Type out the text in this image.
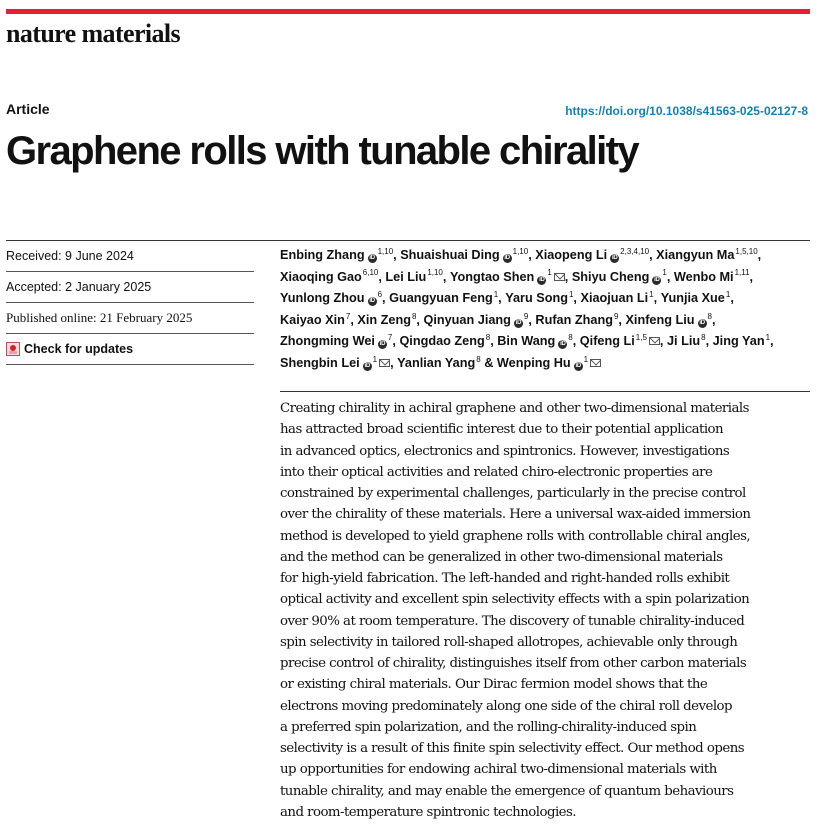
nature materials
Article	https://doi.org/10.1038/s41563-025-02127-8
Graphene rolls with tunable chirality
Received: 9 June 2024
Accepted: 2 January 2025
Published online: 21 February 2025
Check for updates
Enbing Zhang iD$^{1,10}$, Shuaishuai Ding iD$^{1,10}$, Xiaopeng Li iD$^{2,3,4,10}$, Xiangyun Ma$^{1,5,10}$, Xiaoqing Gao$^{6,10}$, Lei Liu$^{1,10}$, Yongtao Shen $iD^1$ , Shiyu Cheng $iD^1$, Wenbo Mi$^{1,11}$, Yunlong Zhou $iD^6$, Guangyuan Feng$^1$, Yaru Song$^1$, Xiaojuan Li$^1$, Yunjia Xue$^1$, Kaiyao Xin$^7$, Xin Zeng$^8$, Qinyuan Jiang $iD^9$, Rufan Zhang$^9$, Xinfeng Liu $iD^8$, Zhongming Wei $iD^7$, Qingdao Zeng$^8$, Bin Wang $iD^8$, Qifeng Li$^{1,5}$ , Ji Liu$^8$, Jing Yan$^1$, Shengbin Lei $iD^1$ , Yanlian Yang$^8$ & Wenping Hu $iD^1$
Creating chirality in achiral graphene and other two-dimensional materials
has attracted broad scientific interest due to their potential application
in advanced optics, electronics and spintronics. However, investigations
into their optical activities and related chiro-electronic properties are
constrained by experimental challenges, particularly in the precise control
over the chirality of these materials. Here a universal wax-aided immersion
method is developed to yield graphene rolls with controllable chiral angles,
and the method can be generalized in other two-dimensional materials
for high-yield fabrication. The left-handed and right-handed rolls exhibit
optical activity and excellent spin selectivity effects with a spin polarization
over 90% at room temperature. The discovery of tunable chirality-induced
spin selectivity in tailored roll-shaped allotropes, achievable only through
precise control of chirality, distinguishes itself from other carbon materials
or existing chiral materials. Our Dirac fermion model shows that the
electrons moving predominately along one side of the chiral roll develop
a preferred spin polarization, and the rolling-chirality-induced spin
selectivity is a result of this finite spin selectivity effect. Our method opens
up opportunities for endowing achiral two-dimensional materials with
tunable chirality, and may enable the emergence of quantum behaviours
and room-temperature spintronic technologies.
